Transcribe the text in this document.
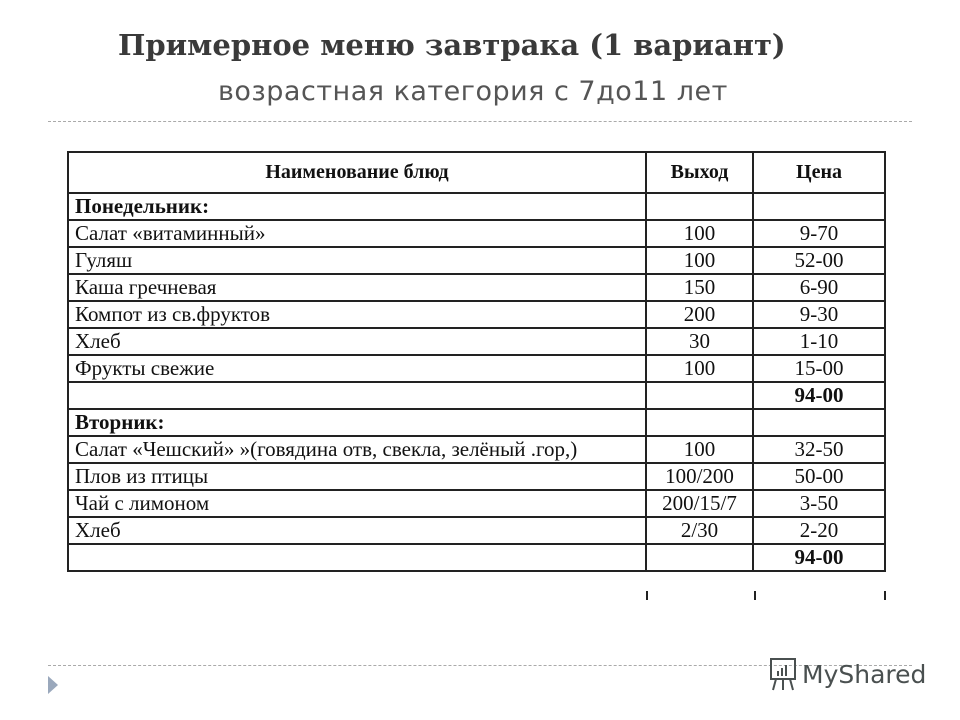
Примерное меню завтрака (1 вариант)
возрастная категория с 7до11 лет
Наименование блюд	Выход	Цена
Понедельник:		
Салат «витаминный»	100	9-70
Гуляш	100	52-00
Каша гречневая	150	6-90
Компот из св.фруктов	200	9-30
Хлеб	30	1-10
Фрукты свежие	100	15-00
		94-00
Вторник:		
Салат «Чешский» »(говядина отв, свекла, зелёный .гор,)	100	32-50
Плов из птицы	100/200	50-00
Чай с лимоном	200/15/7	3-50
Хлеб	2/30	2-20
		94-00
MyShared
